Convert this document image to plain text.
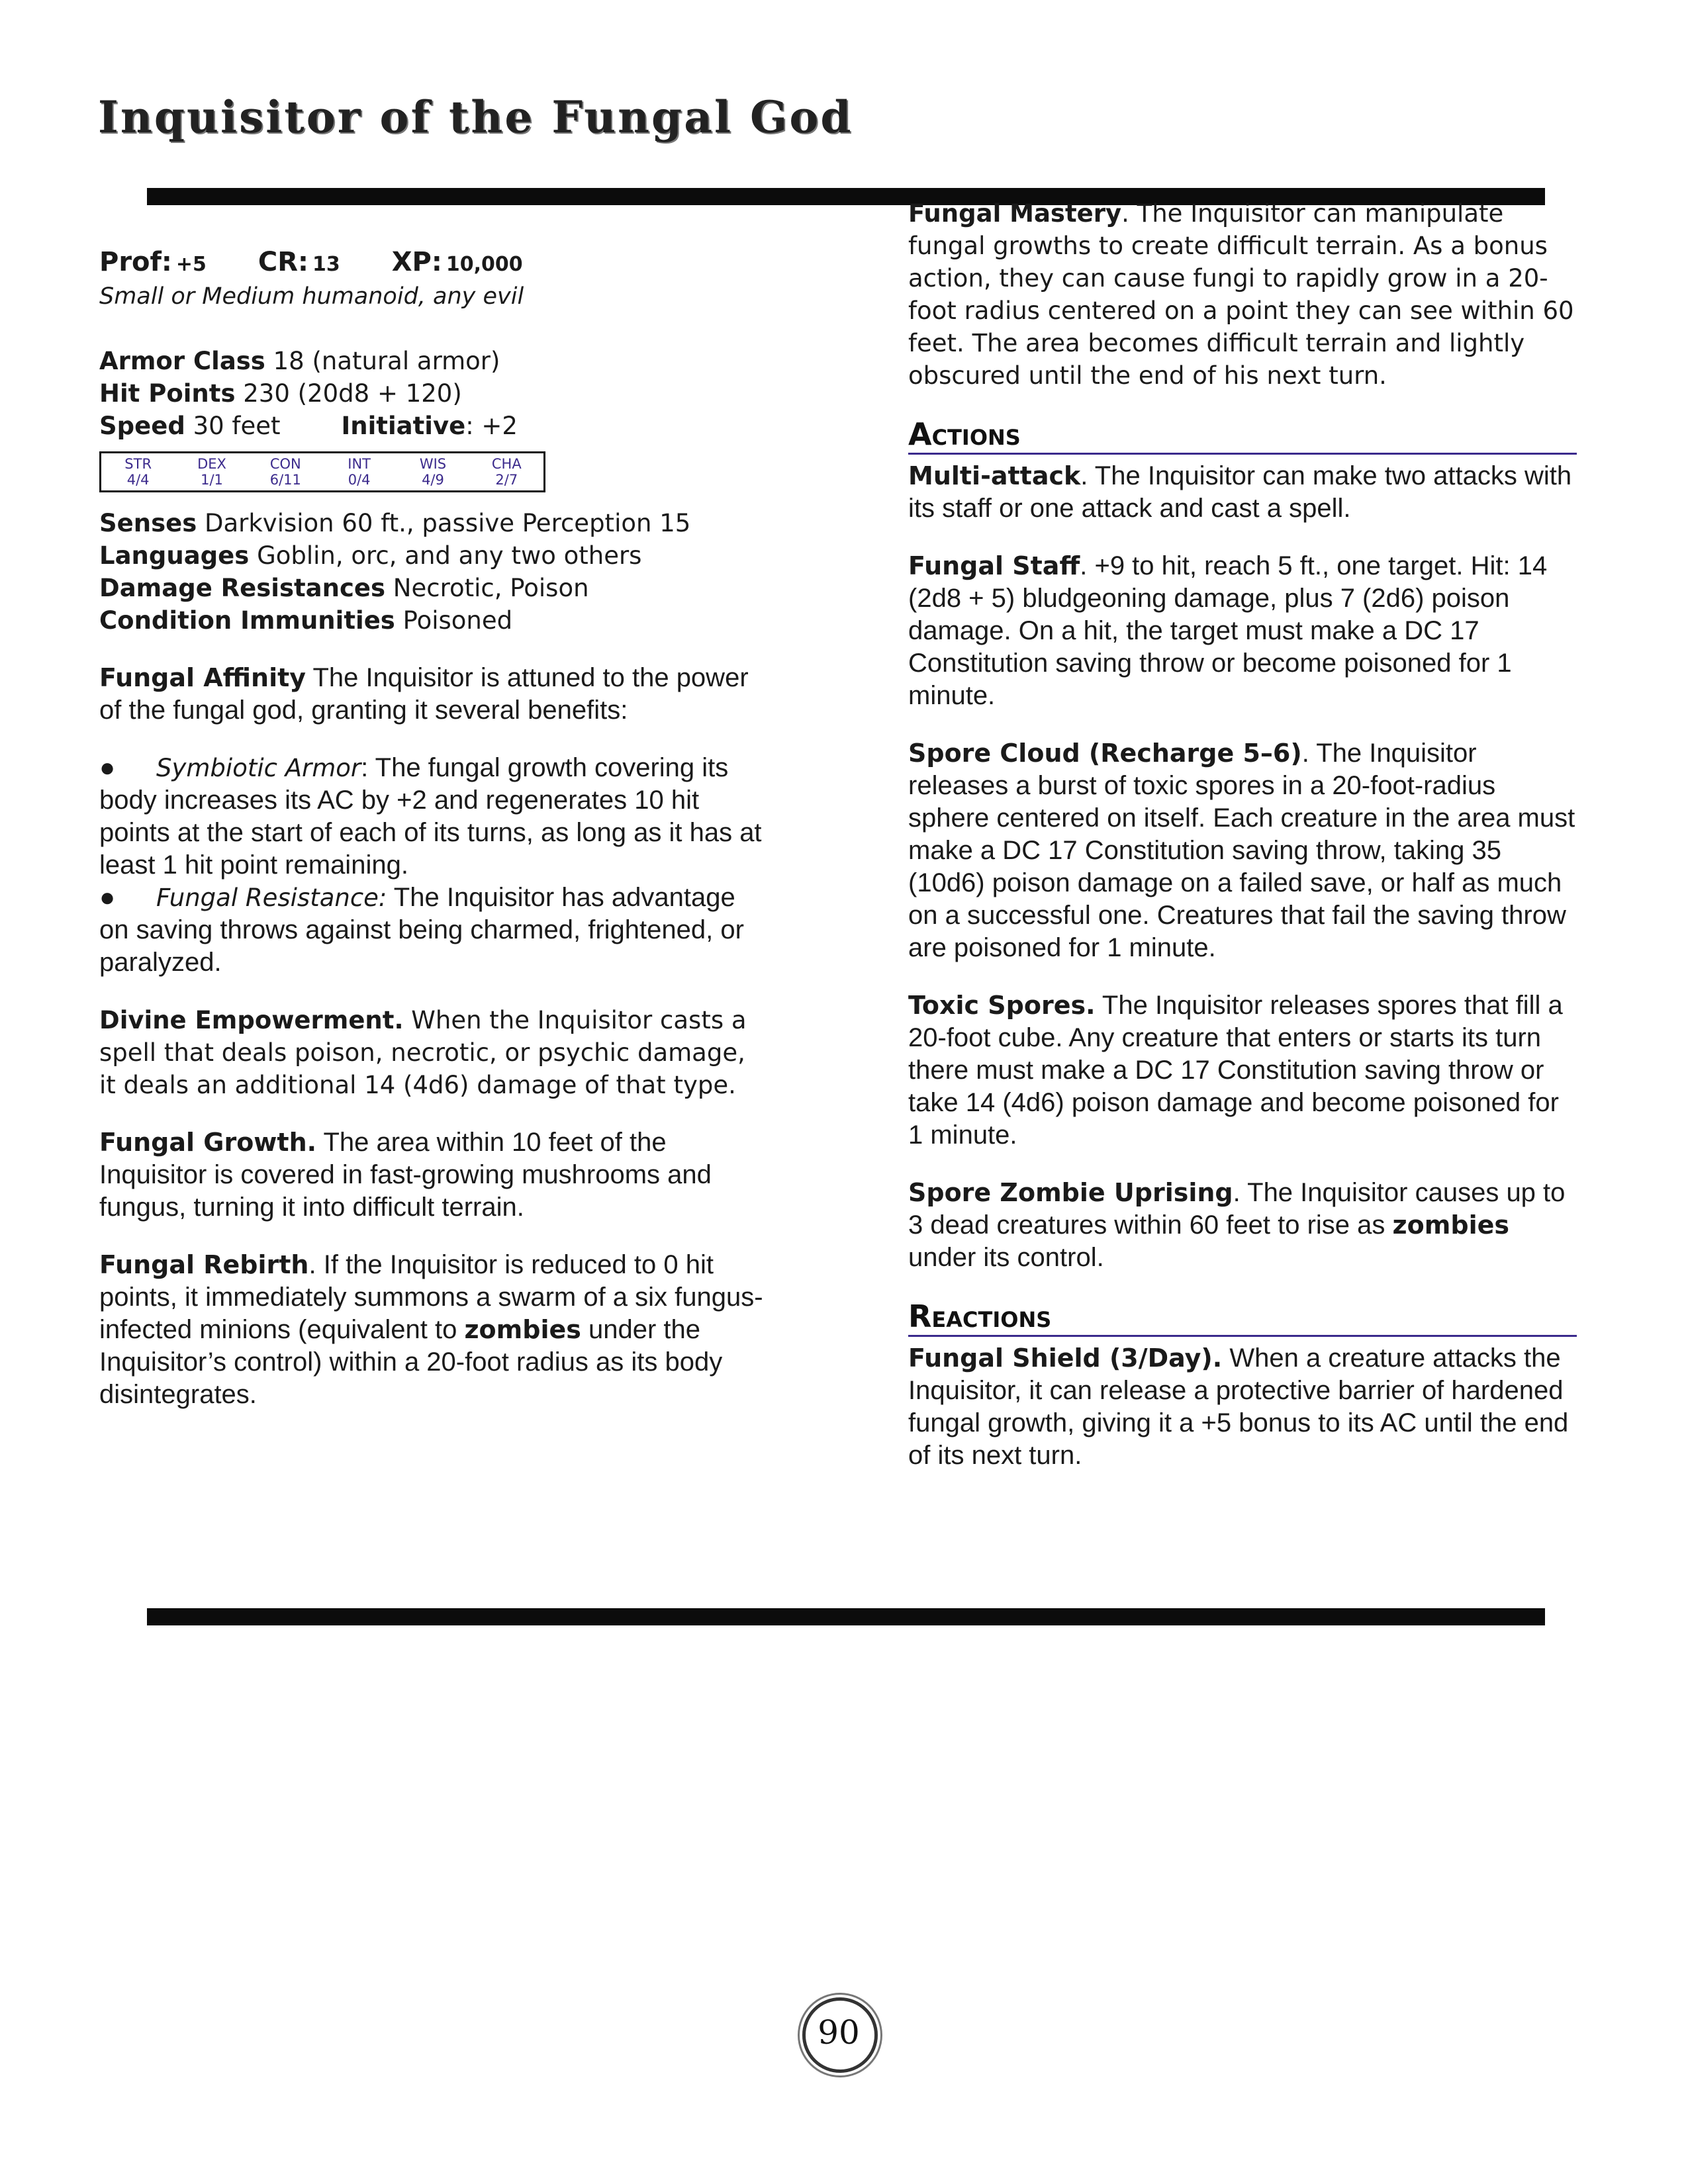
Inquisitor of the Fungal God
Prof: +5 CR: 13 XP: 10,000
Small or Medium humanoid, any evil
Armor Class 18 (natural armor)
Hit Points 230 (20d8 + 120)
Speed 30 feet Initiative: +2
STR
4/4
DEX
1/1
CON
6/11
INT
0/4
WIS
4/9
CHA
2/7
Senses Darkvision 60 ft., passive Perception 15
Languages Goblin, orc, and any two others
Damage Resistances Necrotic, Poison
Condition Immunities Poisoned
Fungal Affinity The Inquisitor is attuned to the power of the fungal god, granting it several benefits:
● Symbiotic Armor: The fungal growth covering its body increases its AC by +2 and regenerates 10 hit points at the start of each of its turns, as long as it has at least 1 hit point remaining.
● Fungal Resistance: The Inquisitor has advantage on saving throws against being charmed, frightened, or paralyzed.
Divine Empowerment. When the Inquisitor casts a spell that deals poison, necrotic, or psychic damage, it deals an additional 14 (4d6) damage of that type.
Fungal Growth. The area within 10 feet of the Inquisitor is covered in fast-growing mushrooms and fungus, turning it into difficult terrain.
Fungal Rebirth. If the Inquisitor is reduced to 0 hit points, it immediately summons a swarm of a six fungus-infected minions (equivalent to zombies under the Inquisitor’s control) within a 20-foot radius as its body disintegrates.
Fungal Mastery. The Inquisitor can manipulate fungal growths to create difficult terrain. As a bonus action, they can cause fungi to rapidly grow in a 20-foot radius centered on a point they can see within 60 feet. The area becomes difficult terrain and lightly obscured until the end of his next turn.
Actions
Multi-attack. The Inquisitor can make two attacks with its staff or one attack and cast a spell.
Fungal Staff. +9 to hit, reach 5 ft., one target. Hit: 14 (2d8 + 5) bludgeoning damage, plus 7 (2d6) poison damage. On a hit, the target must make a DC 17 Constitution saving throw or become poisoned for 1 minute.
Spore Cloud (Recharge 5–6). The Inquisitor releases a burst of toxic spores in a 20-foot-radius sphere centered on itself. Each creature in the area must make a DC 17 Constitution saving throw, taking 35 (10d6) poison damage on a failed save, or half as much on a successful one. Creatures that fail the saving throw are poisoned for 1 minute.
Toxic Spores. The Inquisitor releases spores that fill a 20-foot cube. Any creature that enters or starts its turn there must make a DC 17 Constitution saving throw or take 14 (4d6) poison damage and become poisoned for 1 minute.
Spore Zombie Uprising. The Inquisitor causes up to 3 dead creatures within 60 feet to rise as zombies under its control.
Reactions
Fungal Shield (3/Day). When a creature attacks the Inquisitor, it can release a protective barrier of hardened fungal growth, giving it a +5 bonus to its AC until the end of its next turn.
90
